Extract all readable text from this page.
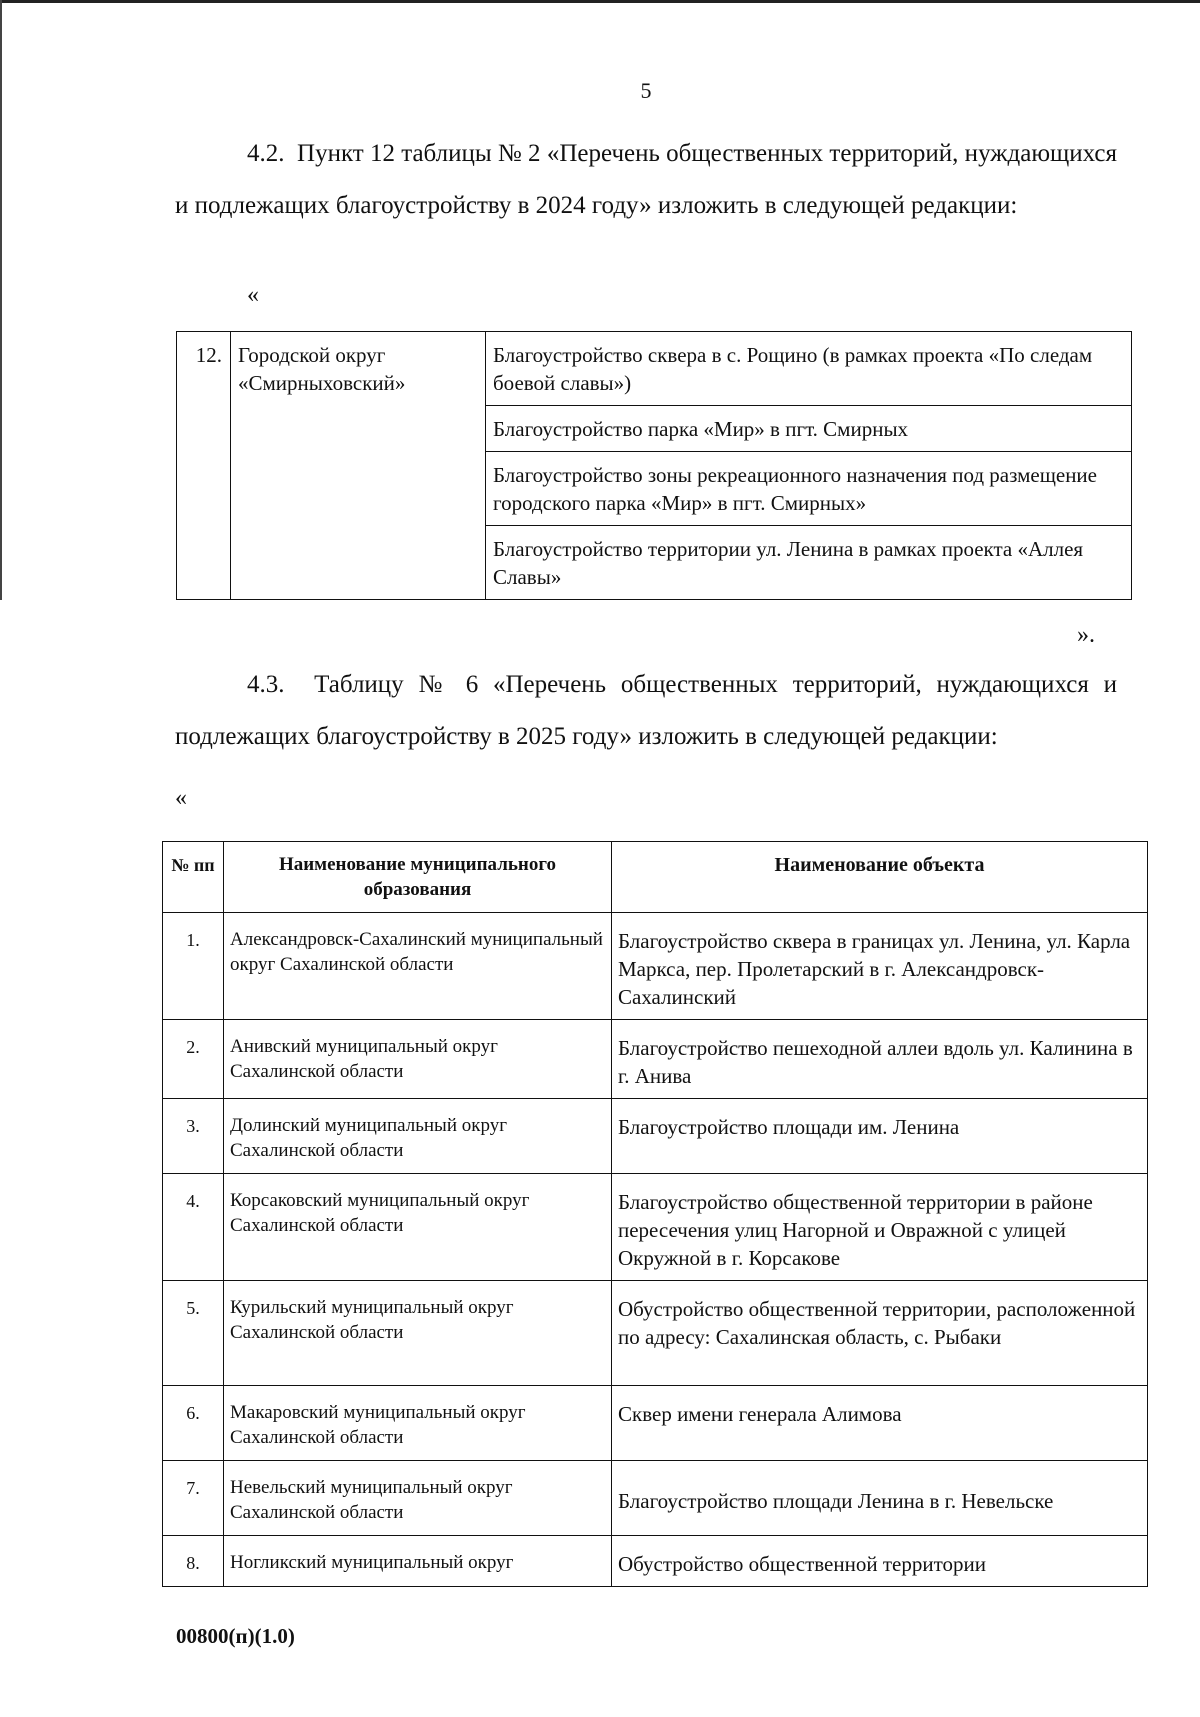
5
4.2. Пункт 12 таблицы № 2 «Перечень общественных территорий, нуждающихся и подлежащих благоустройству в 2024 году» изложить в следующей редакции:
«
12.	Городской округ «Смирныховский»	Благоустройство сквера в с. Рощино (в рамках проекта «По следам боевой славы»)
Благоустройство парка «Мир» в пгт. Смирных
Благоустройство зоны рекреационного назначения под размещение городского парка «Мир» в пгт. Смирных»
Благоустройство территории ул. Ленина в рамках проекта «Аллея Славы»
».
4.3. Таблицу № 6 «Перечень общественных территорий, нуждающихся и подлежащих благоустройству в 2025 году» изложить в следующей редакции:
«
№ пп	Наименование муниципального образования	Наименование объекта
1.	Александровск-Сахалинский муниципальный округ Сахалинской области	Благоустройство сквера в границах ул. Ленина, ул. Карла Маркса, пер. Пролетарский в г. Александровск-Сахалинский
2.	Анивский муниципальный округ Сахалинской области	Благоустройство пешеходной аллеи вдоль ул. Калинина в г. Анива
3.	Долинский муниципальный округ Сахалинской области	Благоустройство площади им. Ленина
4.	Корсаковский муниципальный округ Сахалинской области	Благоустройство общественной территории в районе пересечения улиц Нагорной и Овражной с улицей Окружной в г. Корсакове
5.	Курильский муниципальный округ Сахалинской области	Обустройство общественной территории, расположенной по адресу: Сахалинская область, с. Рыбаки
6.	Макаровский муниципальный округ Сахалинской области	Сквер имени генерала Алимова
7.	Невельский муниципальный округ Сахалинской области	Благоустройство площади Ленина в г. Невельске
8.	Ногликский муниципальный округ	Обустройство общественной территории
00800(п)(1.0)
